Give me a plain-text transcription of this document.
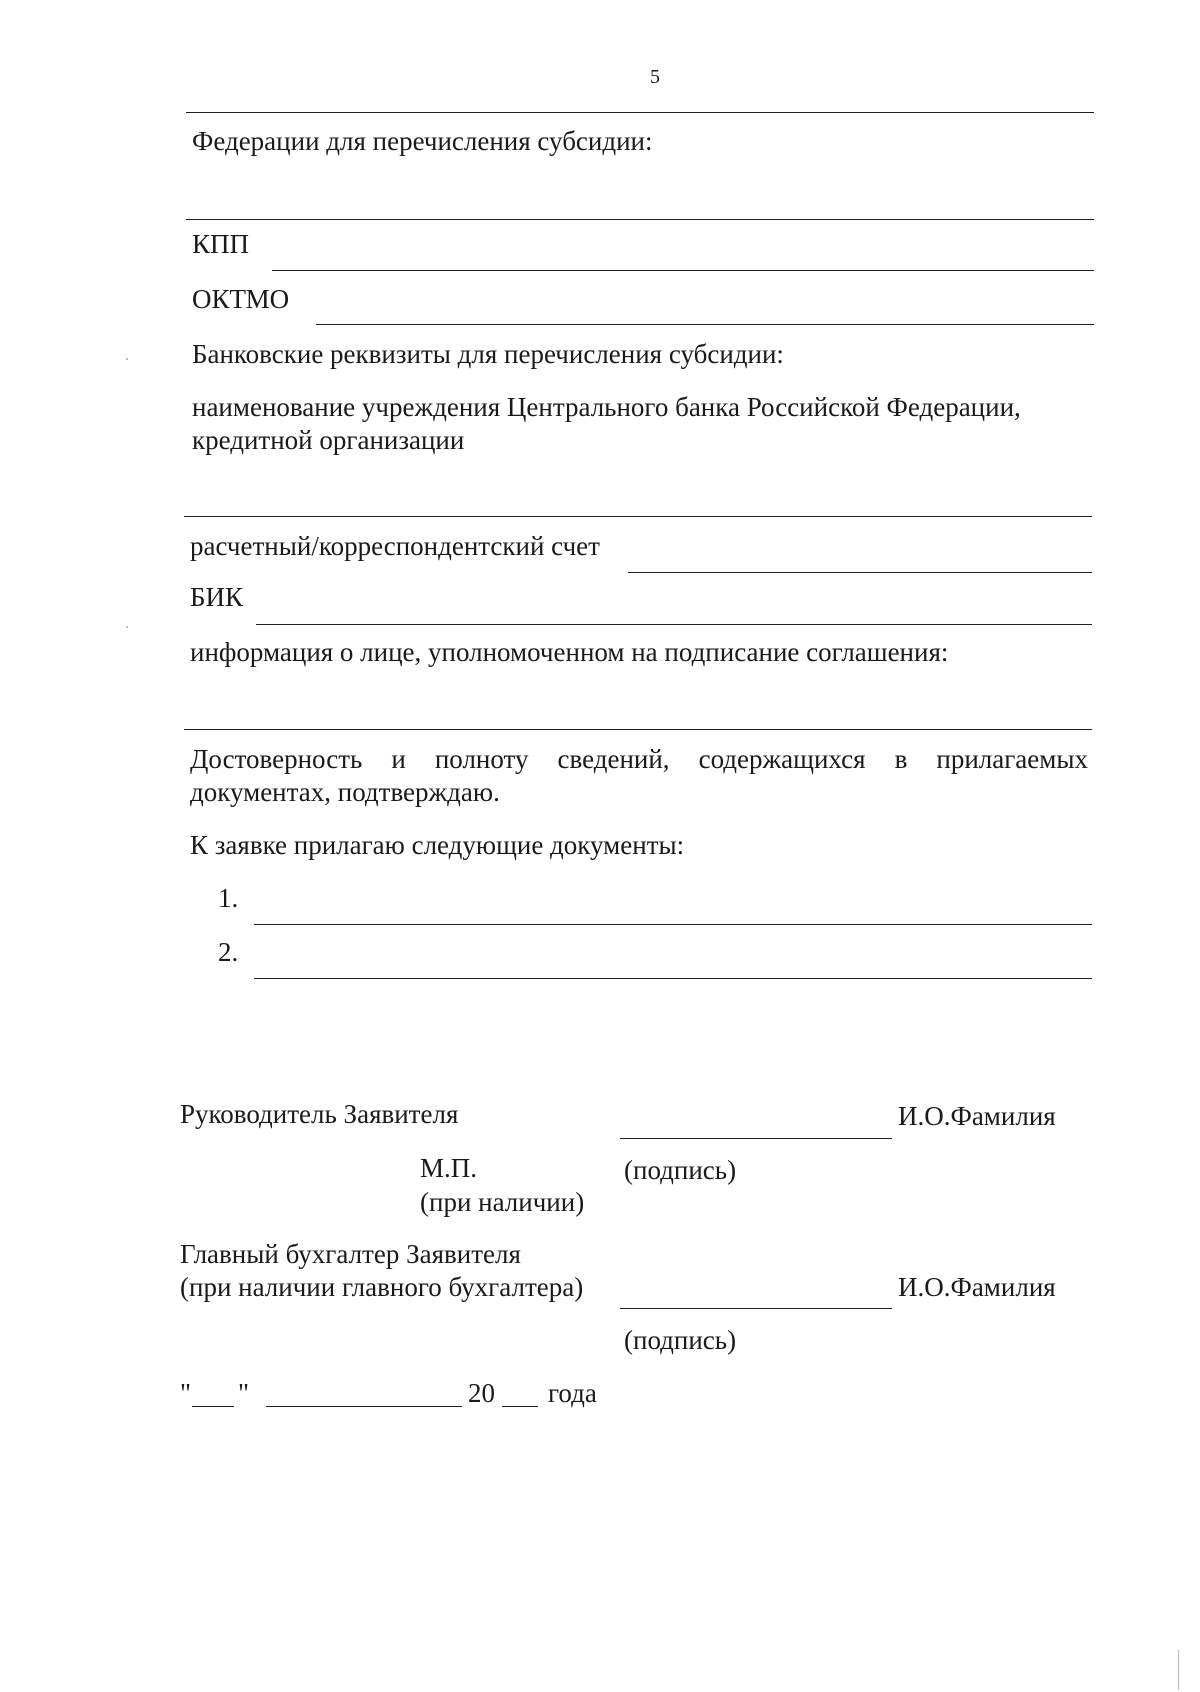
5
Федерации для перечисления субсидии:
КПП
ОКТМО
Банковские реквизиты для перечисления субсидии:
наименование учреждения Центрального банка Российской Федерации,
кредитной организации
расчетный/корреспондентский счет
БИК
информация о лице, уполномоченном на подписание соглашения:
Достоверность и полноту сведений, содержащихся в прилагаемых
документах, подтверждаю.
К заявке прилагаю следующие документы:
1.
2.
Руководитель Заявителя	И.О.Фамилия
М.П.
(при наличии)
(подпись)
Главный бухгалтер Заявителя
(при наличии главного бухгалтера)	И.О.Фамилия
(подпись)
" "	20 года
